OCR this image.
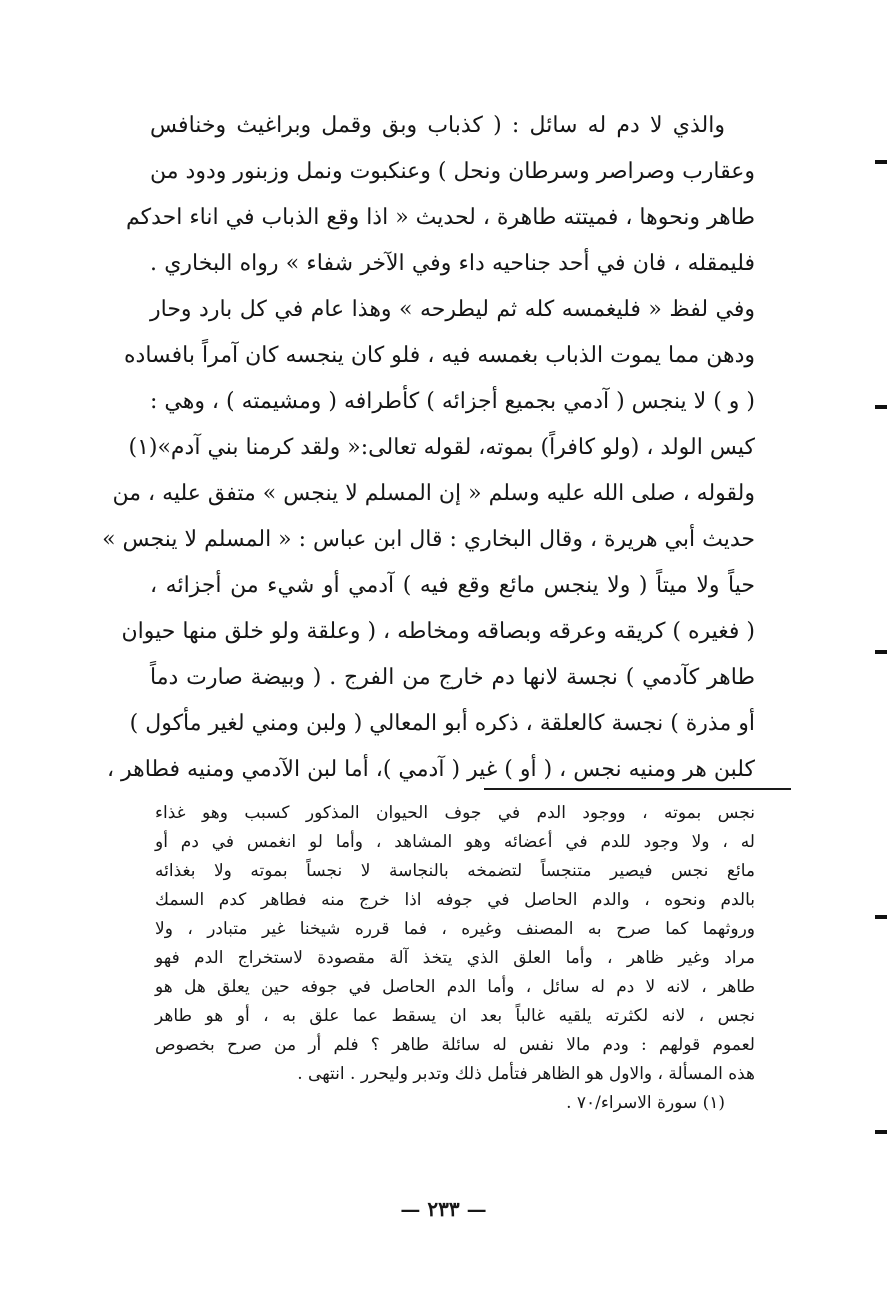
والذي لا دم له سائل : ( كذباب وبق وقمل وبراغيث وخنافس
وعقارب وصراصر وسرطان ونحل ) وعنكبوت ونمل وزبنور ودود من
طاهر ونحوها ، فميتته طاهرة ، لحديث « اذا وقع الذباب في اناء احدكم
فليمقله ، فان في أحد جناحيه داء وفي الآخر شفاء » رواه البخاري .
وفي لفظ « فليغمسه كله ثم ليطرحه » وهذا عام في كل بارد وحار
ودهن مما يموت الذباب بغمسه فيه ، فلو كان ينجسه كان آمراً بافساده
( و ) لا ينجس ( آدمي بجميع أجزائه ) كأطرافه ( ومشيمته ) ، وهي :
كيس الولد ، (ولو كافراً) بموته، لقوله تعالى:« ولقد كرمنا بني آدم»(١)
ولقوله ، صلى الله عليه وسلم « إن المسلم لا ينجس » متفق عليه ، من
حديث أبي هريرة ، وقال البخاري : قال ابن عباس : « المسلم لا ينجس »
حياً ولا ميتاً ( ولا ينجس مائع وقع فيه ) آدمي أو شيء من أجزائه ،
( فغيره ) كريقه وعرقه وبصاقه ومخاطه ، ( وعلقة ولو خلق منها حيوان
طاهر كآدمي ) نجسة لانها دم خارج من الفرج . ( وبيضة صارت دماً
أو مذرة ) نجسة كالعلقة ، ذكره أبو المعالي ( ولبن ومني لغير مأكول )
كلبن هر ومنيه نجس ، ( أو ) غير ( آدمي )، أما لبن الآدمي ومنيه فطاهر ،
نجس بموته ، ووجود الدم في جوف الحيوان المذكور كسبب وهو غذاء
له ، ولا وجود للدم في أعضائه وهو المشاهد ، وأما لو انغمس في دم أو
مائع نجس فيصير متنجساً لتضمخه بالنجاسة لا نجساً بموته ولا بغذائه
بالدم ونحوه ، والدم الحاصل في جوفه اذا خرج منه فطاهر كدم السمك
وروثهما كما صرح به المصنف وغيره ، فما قرره شيخنا غير متبادر ، ولا
مراد وغير ظاهر ، وأما العلق الذي يتخذ آلة مقصودة لاستخراج الدم فهو
طاهر ، لانه لا دم له سائل ، وأما الدم الحاصل في جوفه حين يعلق هل هو
نجس ، لانه لكثرته يلقيه غالباً بعد ان يسقط عما علق به ، أو هو طاهر
لعموم قولهم : ودم مالا نفس له سائلة طاهر ؟ فلم أر من صرح بخصوص
هذه المسألة ، والاول هو الظاهر فتأمل ذلك وتدبر وليحرر . انتهى .
(١) سورة الاسراء/٧٠ .
— ٢٣٣ —
